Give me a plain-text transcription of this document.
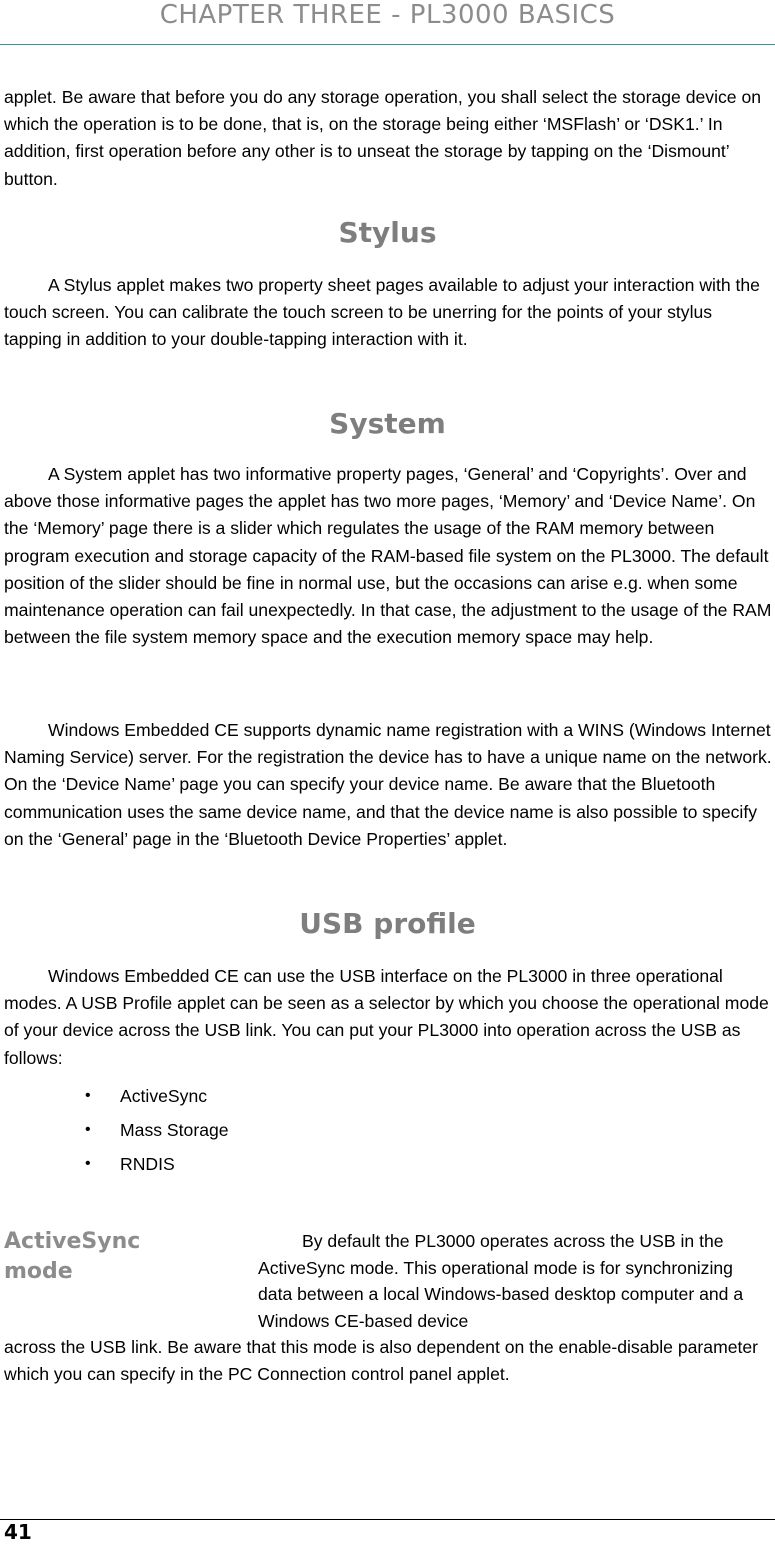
CHAPTER THREE - PL3000 BASICS

applet. Be aware that before you do any storage operation, you shall select the storage device on which the operation is to be done, that is, on the storage being either ‘MSFlash’ or ‘DSK1.’ In addition, first operation before any other is to unseat the storage by tapping on the ‘Dismount’ button.

Stylus

A Stylus applet makes two property sheet pages available to adjust your interaction with the touch screen. You can calibrate the touch screen to be unerring for the points of your stylus tapping in addition to your double-tapping interaction with it.

System

A System applet has two informative property pages, ‘General’ and ‘Copyrights’. Over and above those informative pages the applet has two more pages, ‘Memory’ and ‘Device Name’. On the ‘Memory’ page there is a slider which regulates the usage of the RAM memory between program execution and storage capacity of the RAM-based file system on the PL3000. The default position of the slider should be fine in normal use, but the occasions can arise e.g. when some maintenance operation can fail unexpectedly. In that case, the adjustment to the usage of the RAM between the file system memory space and the execution memory space may help.

Windows Embedded CE supports dynamic name registration with a WINS (Windows Internet Naming Service) server. For the registration the device has to have a unique name on the network. On the ‘Device Name’ page you can specify your device name. Be aware that the Bluetooth communication uses the same device name, and that the device name is also possible to specify on the ‘General’ page in the ‘Bluetooth Device Properties’ applet.

USB profile

Windows Embedded CE can use the USB interface on the PL3000 in three operational modes. A USB Profile applet can be seen as a selector by which you choose the operational mode of your device across the USB link. You can put your PL3000 into operation across the USB as follows:

• ActiveSync
• Mass Storage
• RNDIS
ActiveSync mode

By default the PL3000 operates across the USB in the ActiveSync mode. This operational mode is for synchronizing data between a local Windows-based desktop computer and a Windows CE-based device

across the USB link. Be aware that this mode is also dependent on the enable-disable parameter which you can specify in the PC Connection control panel applet.

41
